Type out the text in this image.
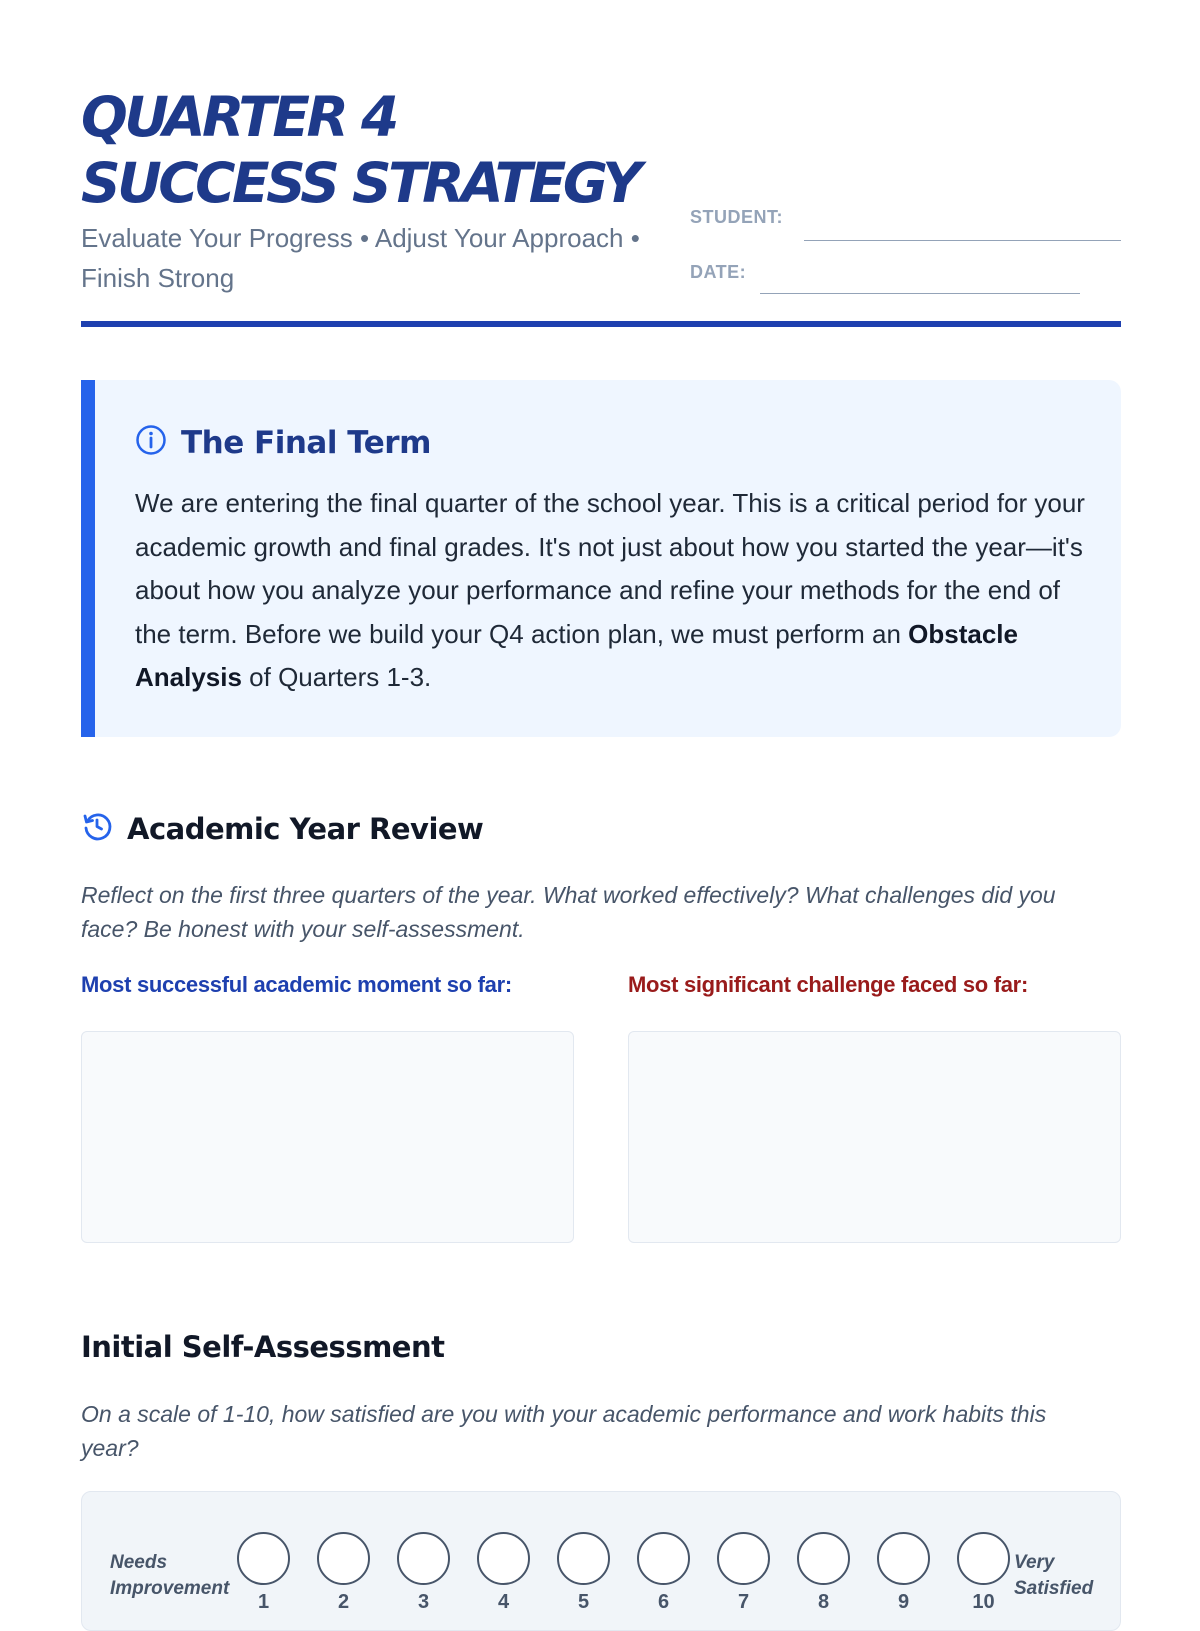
QUARTER 4
SUCCESS STRATEGY
Evaluate Your Progress • Adjust Your Approach • Finish Strong
STUDENT:
DATE:
The Final Term

We are entering the final quarter of the school year. This is a critical period for your academic growth and final grades. It's not just about how you started the year—it's about how you analyze your performance and refine your methods for the end of the term. Before we build your Q4 action plan, we must perform an Obstacle Analysis of Quarters 1-3.

Academic Year Review

Reflect on the first three quarters of the year. What worked effectively? What challenges did you face? Be honest with your self-assessment.

Most successful academic moment so far:	Most significant challenge faced so far:
Initial Self-Assessment

On a scale of 1-10, how satisfied are you with your academic performance and work habits this year?

Needs
Improvement
1	2	3	4	5	6	7	8	9	10
Very
Satisfied
